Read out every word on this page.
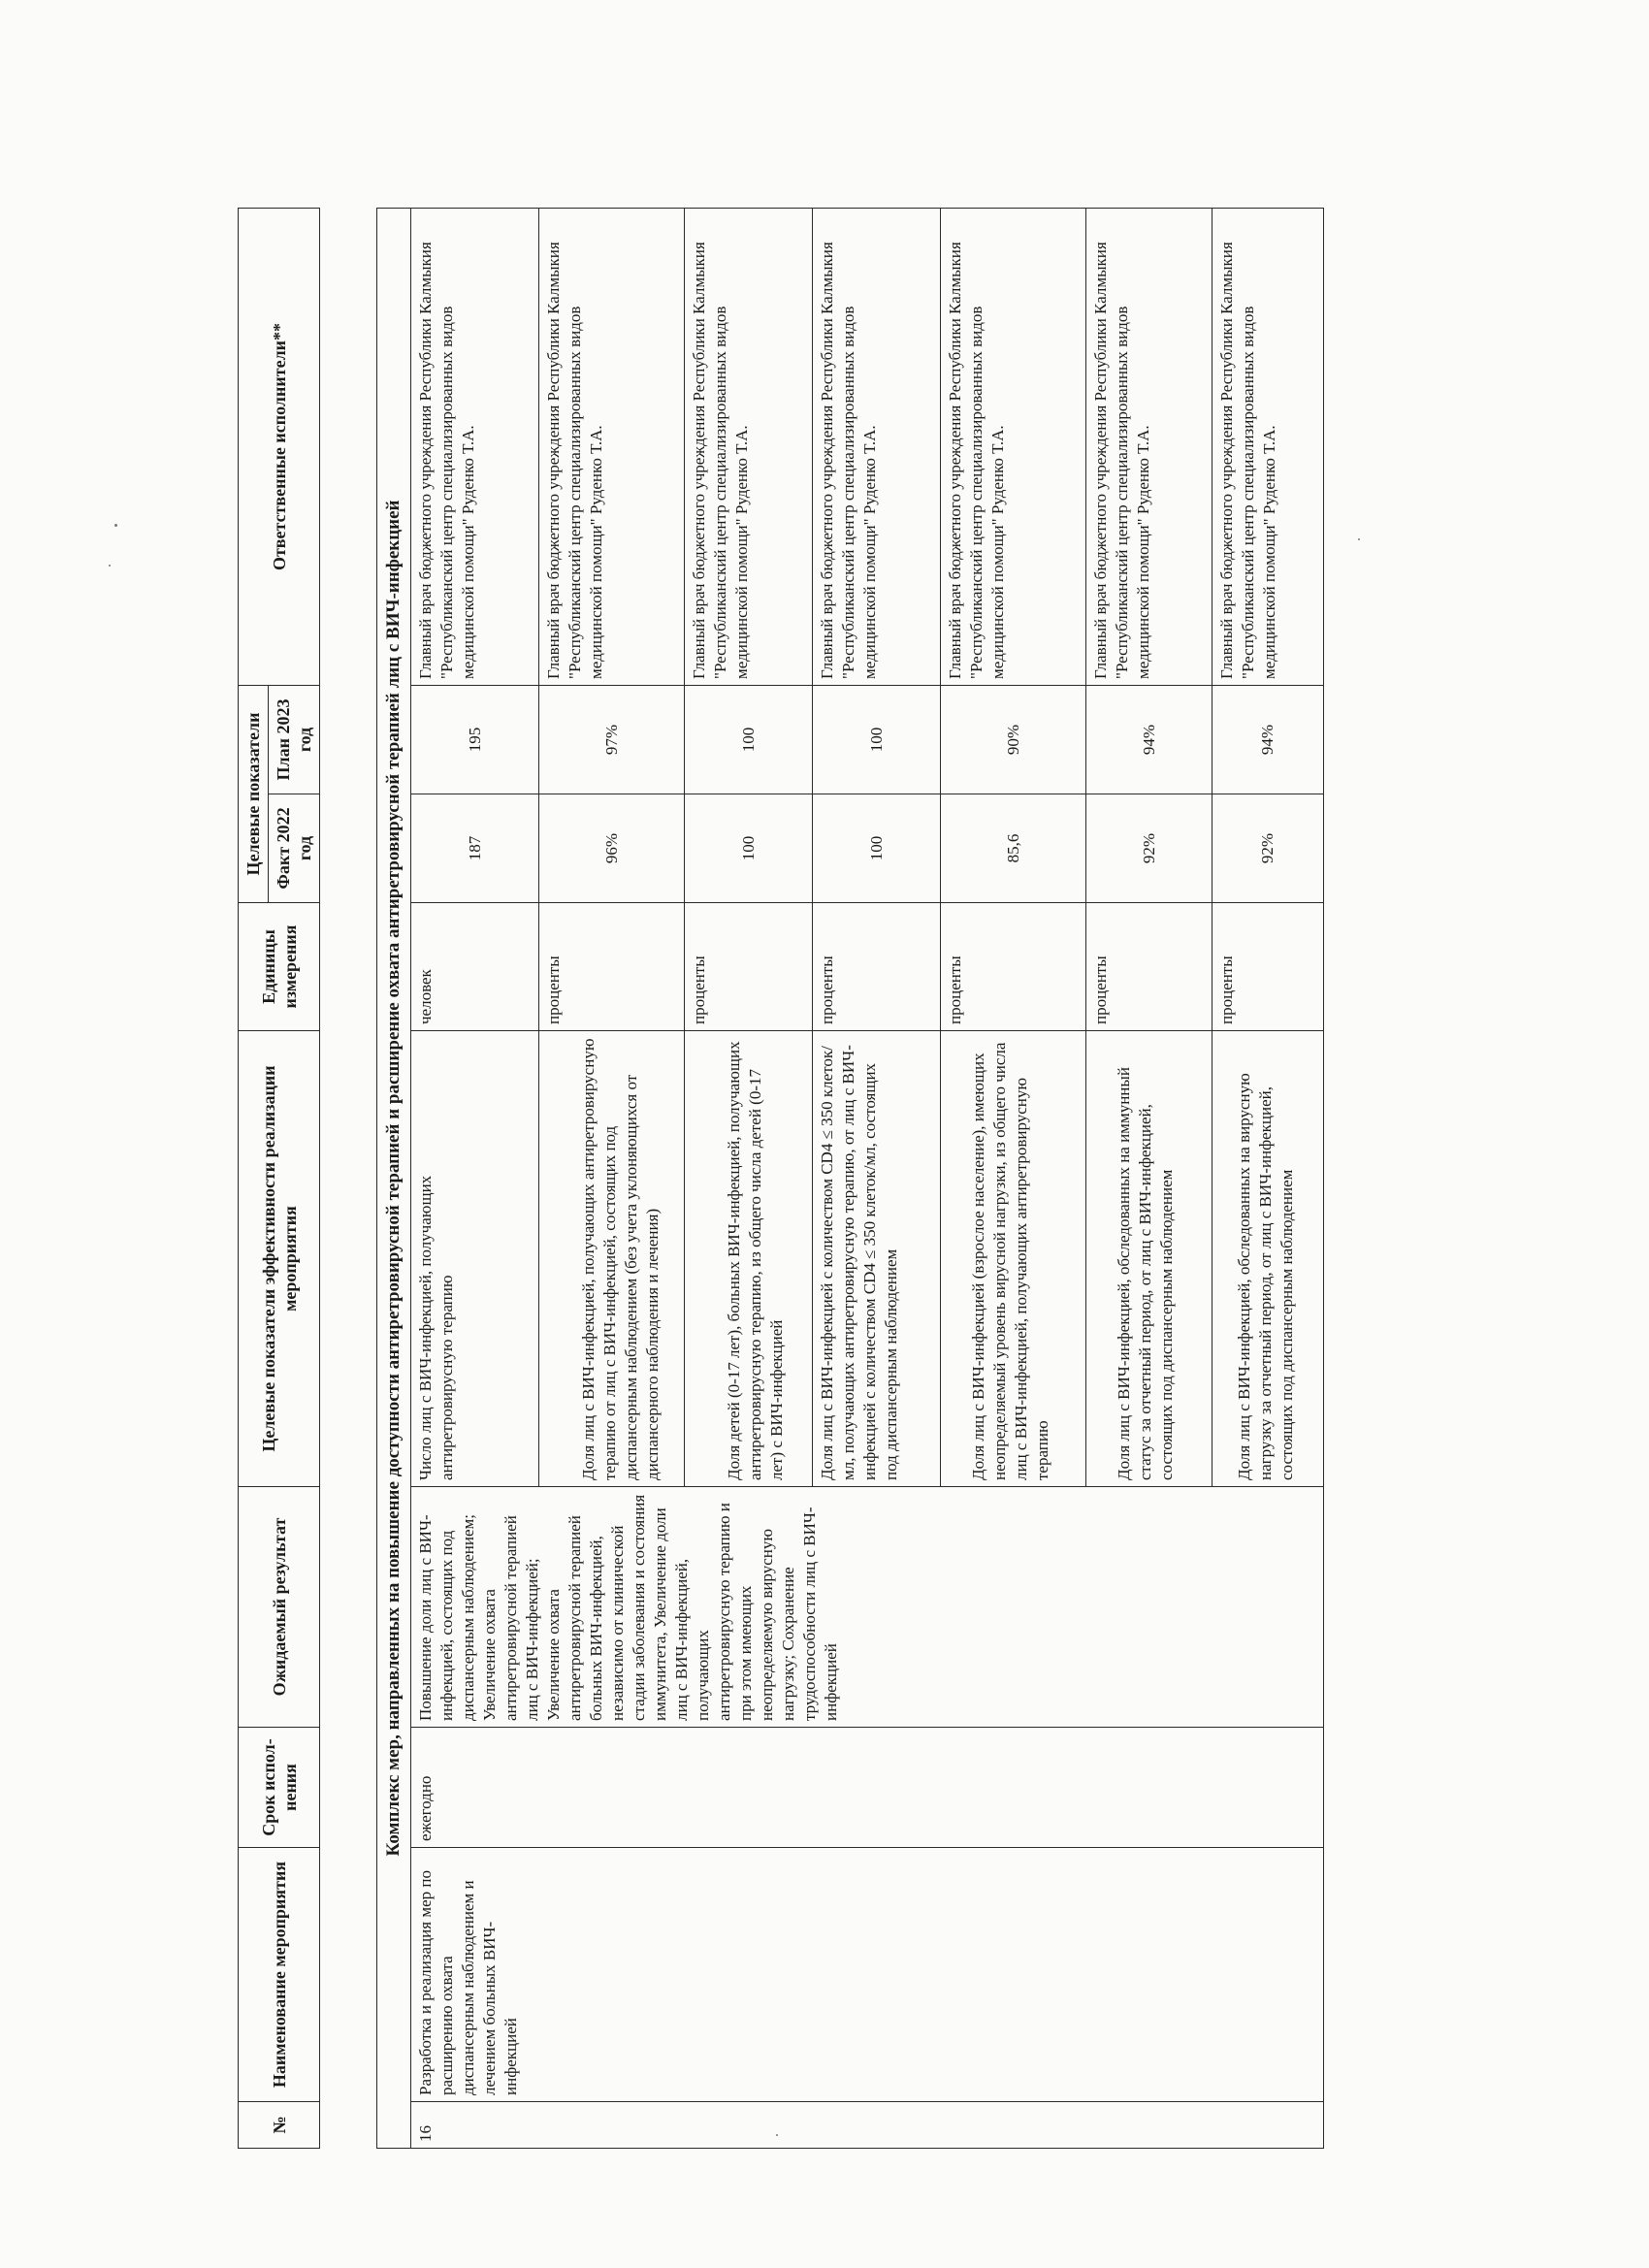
№	Наименование мероприятия	Срок испол-нения	Ожидаемый результат	Целевые показатели эффективности реализации мероприятия	Единицы измерения	Целевые показатели		Ответственные исполнители**
						Факт 2022 год	План 2023 год	

Комплекс мер, направленных на повышение доступности антиретровирусной терапией и расширение охвата антиретровирусной терапией лиц с ВИЧ-инфекцией								
16	Разработка и реализация мер по расширению охвата диспансерным наблюдением и лечением больных ВИЧ-инфекцией	ежегодно	Повышение доли лиц с ВИЧ-инфекцией, состоящих под диспансерным наблюдением; Увеличение охвата антиретровирусной терапией лиц с ВИЧ-инфекцией; Увеличение охвата антиретровирусной терапией больных ВИЧ-инфекцией, независимо от клинической стадии заболевания и состояния иммунитета, Увеличение доли лиц с ВИЧ-инфекцией, получающих антиретровирусную терапию и при этом имеющих неопределяемую вирусную нагрузку; Сохранение трудоспособности лиц с ВИЧ-инфекцией	Число лиц с ВИЧ-инфекцией, получающих антиретровирусную терапию	человек	187	195	Главный врач бюджетного учреждения Республики Калмыкия "Республиканский центр специализированных видов медицинской помощи" Руденко Т.А.
				Доля лиц с ВИЧ-инфекцией, получающих антиретровирусную терапию от лиц с ВИЧ-инфекцией, состоящих под диспансерным наблюдением (без учета уклоняющихся от диспансерного наблюдения и лечения)	проценты	96%	97%	Главный врач бюджетного учреждения Республики Калмыкия "Республиканский центр специализированных видов медицинской помощи" Руденко Т.А.
				Доля детей (0-17 лет), больных ВИЧ-инфекцией, получающих антиретровирусную терапию, из общего числа детей (0-17 лет) с ВИЧ-инфекцией	проценты	100	100	Главный врач бюджетного учреждения Республики Калмыкия "Республиканский центр специализированных видов медицинской помощи" Руденко Т.А.
				Доля лиц с ВИЧ-инфекцией с количеством CD4 ≤ 350 клеток/мл, получающих антиретровирусную терапию, от лиц с ВИЧ-инфекцией с количеством CD4 ≤ 350 клеток/мл, состоящих под диспансерным наблюдением	проценты	100	100	Главный врач бюджетного учреждения Республики Калмыкия "Республиканский центр специализированных видов медицинской помощи" Руденко Т.А.
				Доля лиц с ВИЧ-инфекцией (взрослое население), имеющих неопределяемый уровень вирусной нагрузки, из общего числа лиц с ВИЧ-инфекцией, получающих антиретровирусную терапию	проценты	85,6	90%	Главный врач бюджетного учреждения Республики Калмыкия "Республиканский центр специализированных видов медицинской помощи" Руденко Т.А.
				Доля лиц с ВИЧ-инфекцией, обследованных на иммунный статус за отчетный период, от лиц с ВИЧ-инфекцией, состоящих под диспансерным наблюдением	проценты	92%	94%	Главный врач бюджетного учреждения Республики Калмыкия "Республиканский центр специализированных видов медицинской помощи" Руденко Т.А.
				Доля лиц с ВИЧ-инфекцией, обследованных на вирусную нагрузку за отчетный период, от лиц с ВИЧ-инфекцией, состоящих под диспансерным наблюдением	проценты	92%	94%	Главный врач бюджетного учреждения Республики Калмыкия "Республиканский центр специализированных видов медицинской помощи" Руденко Т.А.
